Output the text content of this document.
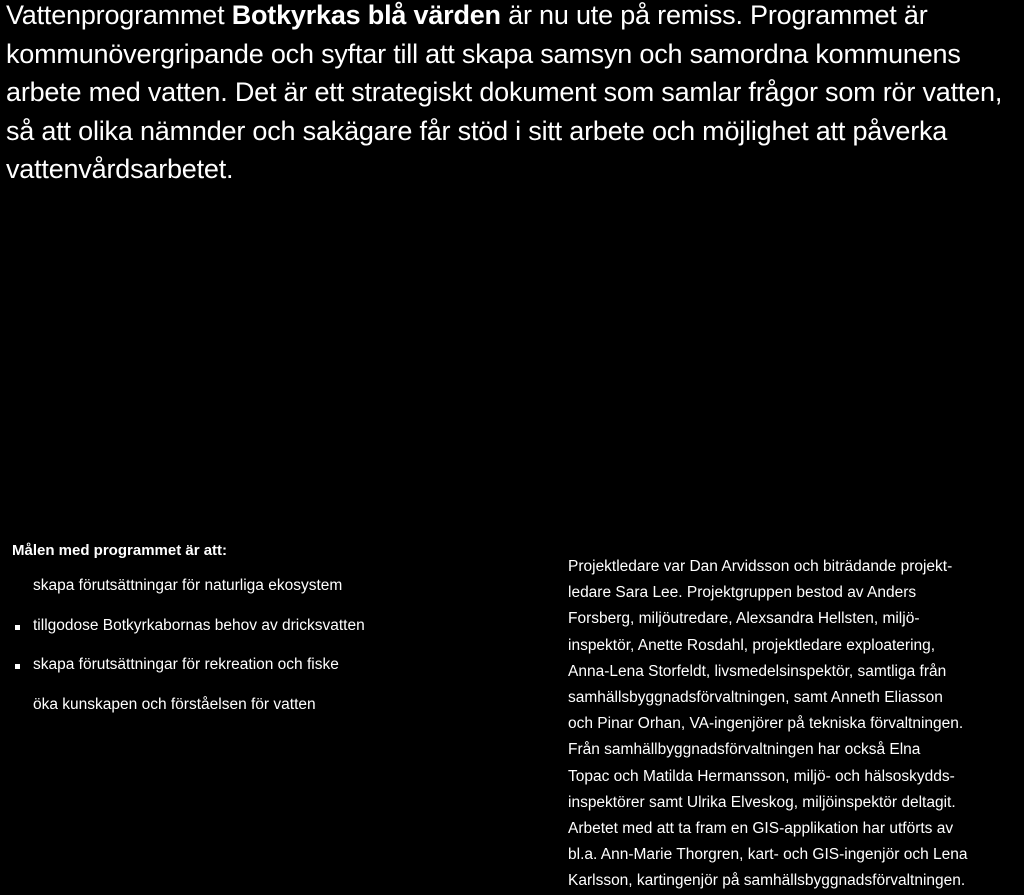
Vattenprogrammet Botkyrkas blå värden är nu ute på remiss. Programmet är kommunövergripande och syftar till att skapa samsyn och samordna kommunens arbete med vatten. Det är ett strategiskt dokument som samlar frågor som rör vatten, så att olika nämnder och sakägare får stöd i sitt arbete och möjlighet att påverka vattenvårdsarbetet.

Målen med programmet är att:
skapa förutsättningar för naturliga ekosystem
tillgodose Botkyrkabornas behov av dricksvatten
skapa förutsättningar för rekreation och fiske
öka kunskapen och förståelsen för vatten

Projektledare var Dan Arvidsson och biträdande projekt-
ledare Sara Lee. Projektgruppen bestod av Anders
Forsberg, miljöutredare, Alexsandra Hellsten, miljö-
inspektör, Anette Rosdahl, projektledare exploatering,
Anna-Lena Storfeldt, livsmedelsinspektör, samtliga från
samhällsbyggnadsförvaltningen, samt Anneth Eliasson
och Pinar Orhan, VA-ingenjörer på tekniska förvaltningen.
Från samhällbyggnadsförvaltningen har också Elna
Topac och Matilda Hermansson, miljö- och hälsoskydds-
inspektörer samt Ulrika Elveskog, miljöinspektör deltagit.
Arbetet med att ta fram en GIS-applikation har utförts av
bl.a. Ann-Marie Thorgren, kart- och GIS-ingenjör och Lena
Karlsson, kartingenjör på samhällsbyggnadsförvaltningen.
